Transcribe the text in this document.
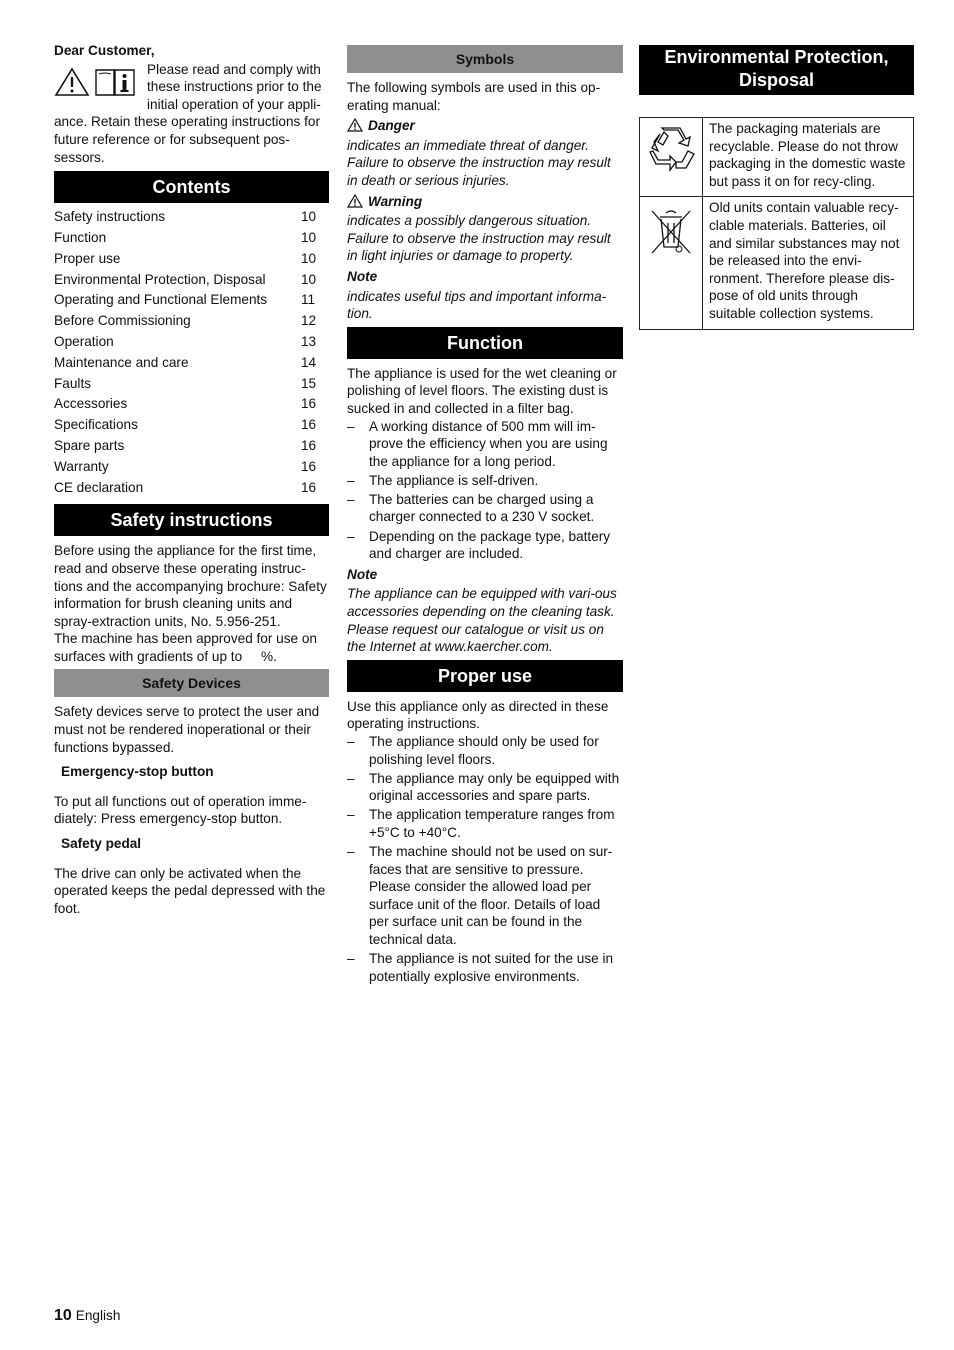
Dear Customer,

Please read and comply with these instructions prior to the initial operation of your appli-

ance. Retain these operating instructions for future reference or for subsequent pos-sessors.

Contents
Safety instructions	10
Function	10
Proper use	10
Environmental Protection, Disposal	10
Operating and Functional Elements 11
Before Commissioning	12
Operation	13
Maintenance and care	14
Faults	15
Accessories	16
Specifications	16
Spare parts	16
Warranty	16
CE declaration	16
Safety instructions

Before using the appliance for the first time, read and observe these operating instruc-tions and the accompanying brochure: Safety information for brush cleaning units and spray-extraction units, No. 5.956-251.

The machine has been approved for use on surfaces with gradients of up to     %.

Safety Devices

Safety devices serve to protect the user and must not be rendered inoperational or their functions bypassed.

Emergency-stop button

To put all functions out of operation imme-diately: Press emergency-stop button.

Safety pedal

The drive can only be activated when the operated keeps the pedal depressed with the foot.

Symbols

The following symbols are used in this op-erating manual:

Danger

indicates an immediate threat of danger. Failure to observe the instruction may result in death or serious injuries.

Warning

indicates a possibly dangerous situation. Failure to observe the instruction may result in light injuries or damage to property.

Note

indicates useful tips and important informa-tion.

Function

The appliance is used for the wet cleaning or polishing of level floors. The existing dust is sucked in and collected in a filter bag.

– A working distance of 500 mm will im-prove the efficiency when you are using the appliance for a long period.
– The appliance is self-driven.
– The batteries can be charged using a charger connected to a 230 V socket.
– Depending on the package type, battery and charger are included.

Note

The appliance can be equipped with vari-ous accessories depending on the cleaning task.

Please request our catalogue or visit us on the Internet at www.kaercher.com.

Proper use

Use this appliance only as directed in these operating instructions.

– The appliance should only be used for polishing level floors.
– The appliance may only be equipped with original accessories and spare parts.
– The application temperature ranges from +5°C to +40°C.
– The machine should not be used on sur-faces that are sensitive to pressure. Please consider the allowed load per surface unit of the floor. Details of load per surface unit can be found in the technical data.
– The appliance is not suited for the use in potentially explosive environments.
Environmental Protection, Disposal
	The packaging materials are recyclable. Please do not throw packaging in the domestic waste but pass it on for recy-cling.
	Old units contain valuable recy-clable materials. Batteries, oil and similar substances may not be released into the envi-ronment. Therefore please dis-pose of old units through suitable collection systems.
10 English
